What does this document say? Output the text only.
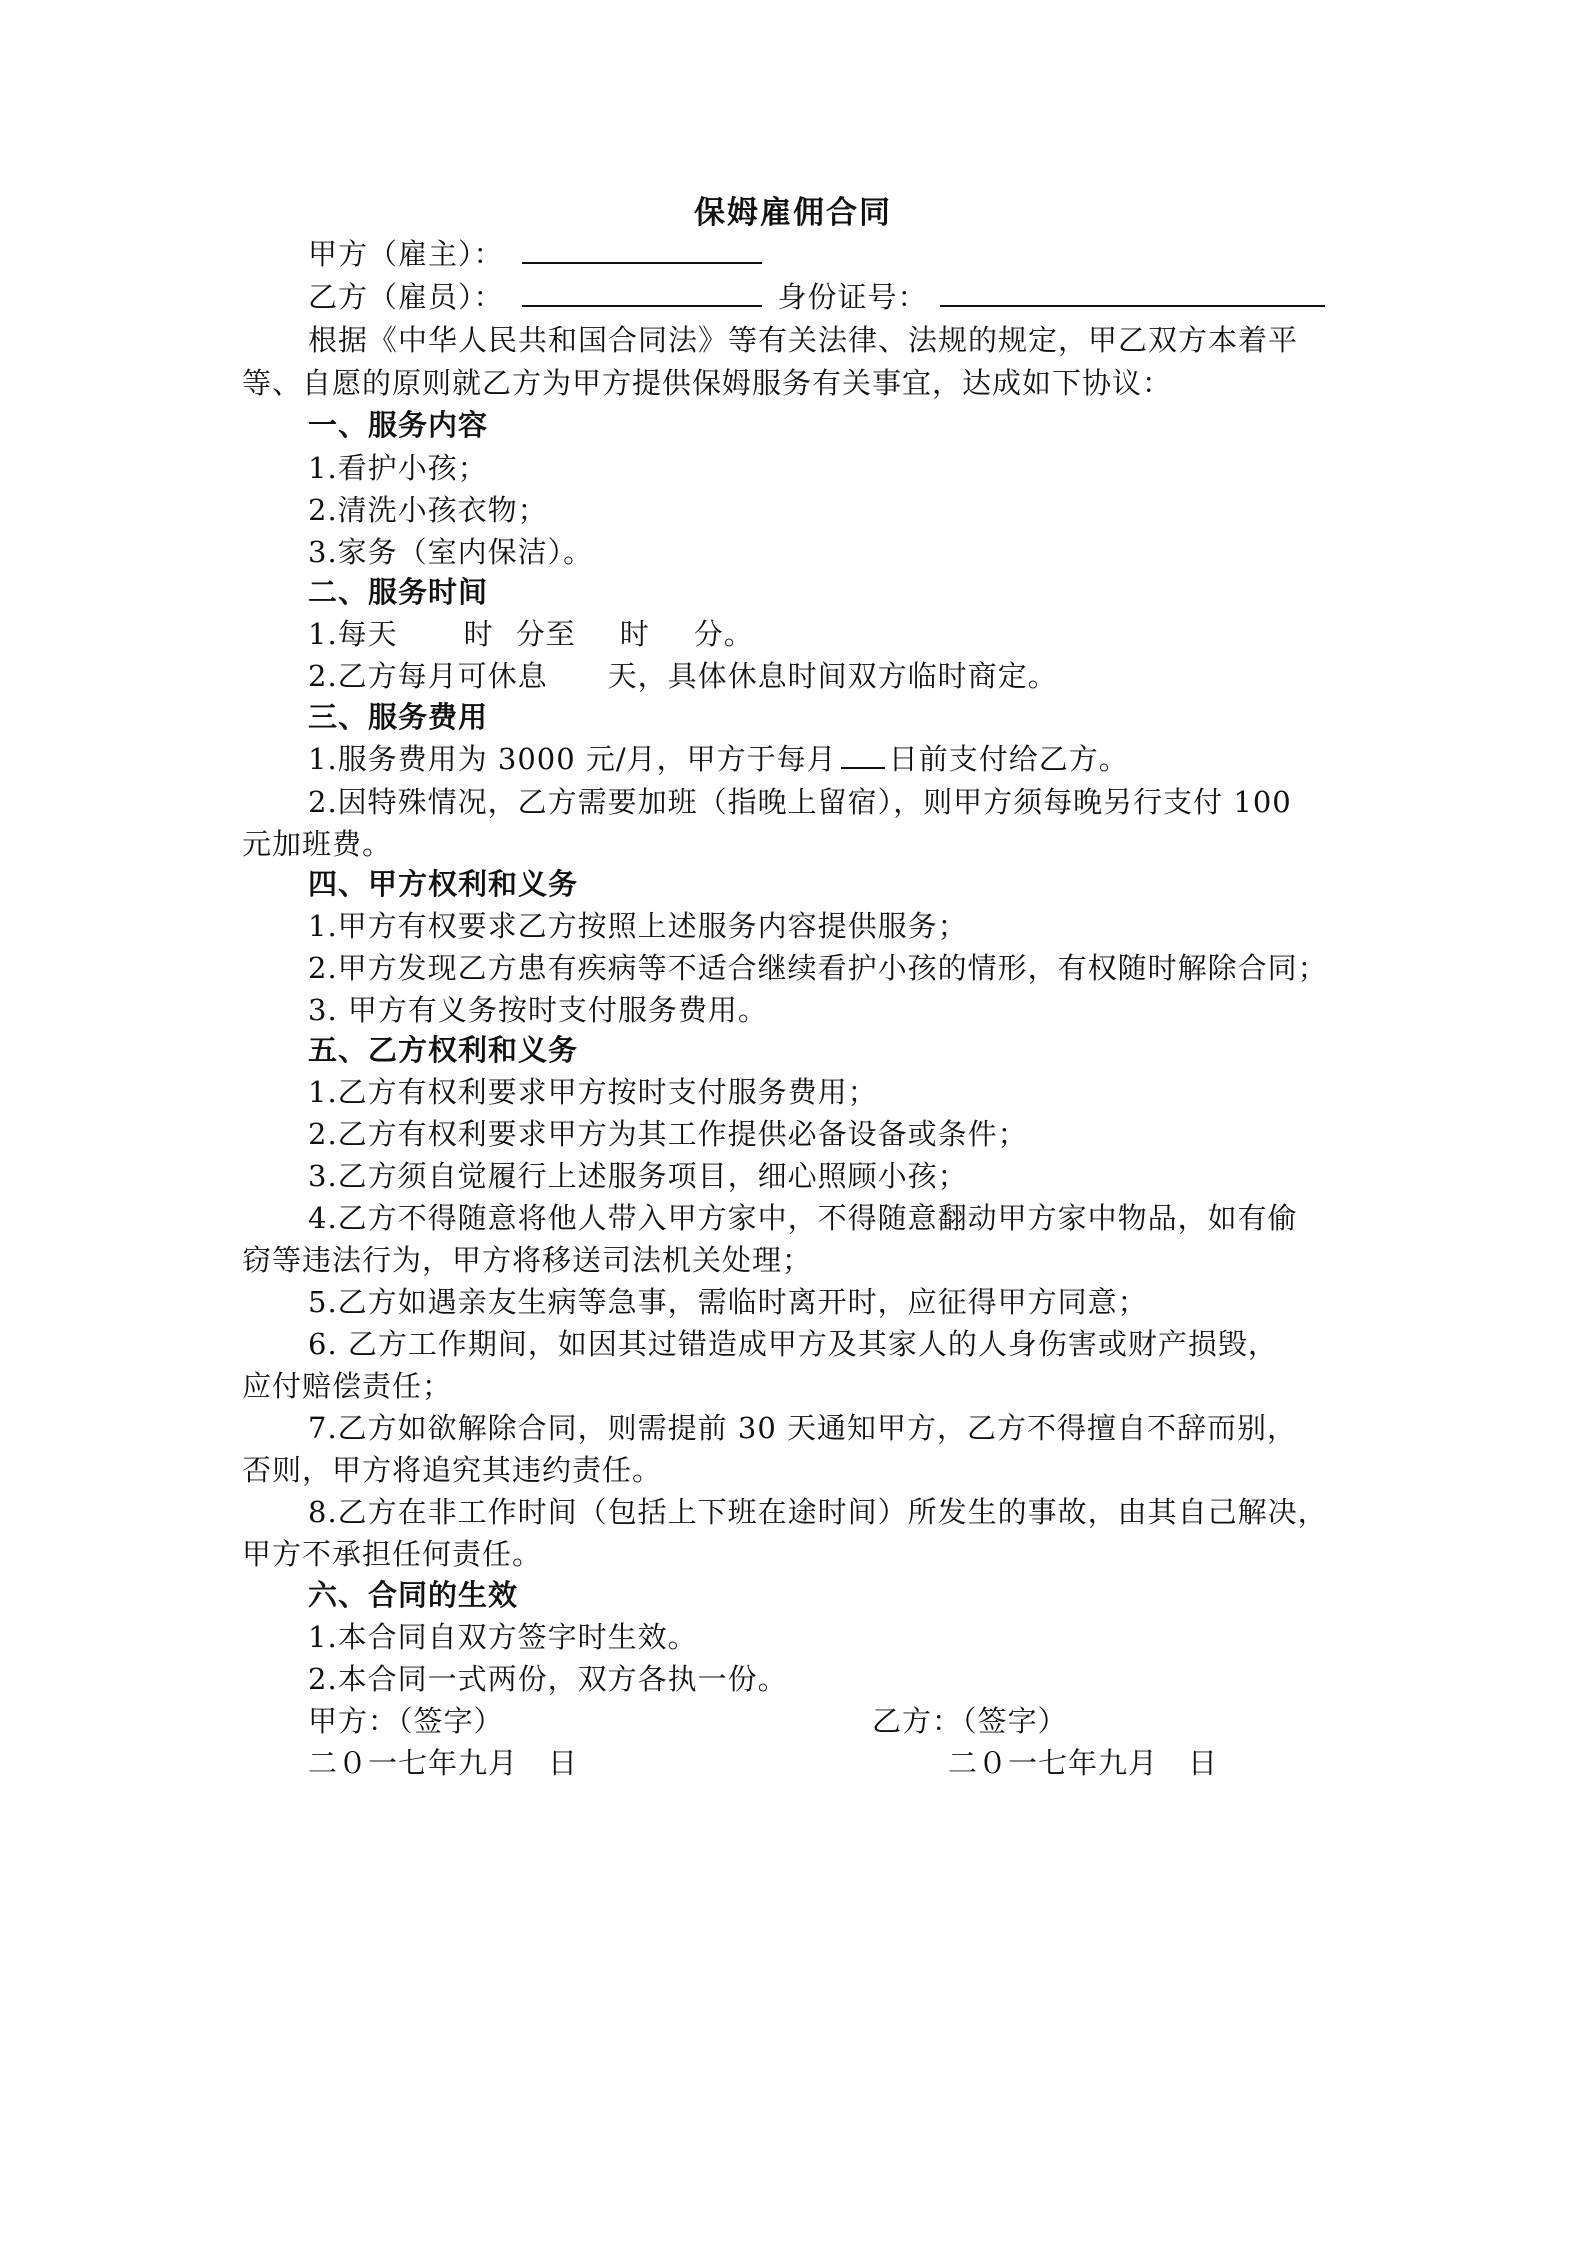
保姆雇佣合同
甲方（雇主）：
乙方（雇员）：	身份证号：
根据《中华人民共和国合同法》等有关法律、法规的规定，甲乙双方本着平
等、自愿的原则就乙方为甲方提供保姆服务有关事宜，达成如下协议：
一、服务内容
1.看护小孩；
2.清洗小孩衣物；
3.家务（室内保洁）。
二、服务时间
1.每天 时 分至 时 分。
2.乙方每月可休息 天，具体休息时间双方临时商定。
三、服务费用
1.服务费用为 3000 元/月，甲方于每月 日前支付给乙方。
2.因特殊情况，乙方需要加班（指晚上留宿），则甲方须每晚另行支付 100
元加班费。
四、甲方权利和义务
1.甲方有权要求乙方按照上述服务内容提供服务；
2.甲方发现乙方患有疾病等不适合继续看护小孩的情形，有权随时解除合同；
3. 甲方有义务按时支付服务费用。
五、乙方权利和义务
1.乙方有权利要求甲方按时支付服务费用；
2.乙方有权利要求甲方为其工作提供必备设备或条件；
3.乙方须自觉履行上述服务项目，细心照顾小孩；
4.乙方不得随意将他人带入甲方家中，不得随意翻动甲方家中物品，如有偷
窃等违法行为，甲方将移送司法机关处理；
5.乙方如遇亲友生病等急事，需临时离开时，应征得甲方同意；
6. 乙方工作期间，如因其过错造成甲方及其家人的人身伤害或财产损毁，
应付赔偿责任；
7.乙方如欲解除合同，则需提前 30 天通知甲方，乙方不得擅自不辞而别，
否则，甲方将追究其违约责任。
8.乙方在非工作时间（包括上下班在途时间）所发生的事故，由其自己解决，
甲方不承担任何责任。
六、合同的生效
1.本合同自双方签字时生效。
2.本合同一式两份，双方各执一份。
甲方：（签字）	乙方：（签字）
二０一七年九月 日	二０一七年九月 日
